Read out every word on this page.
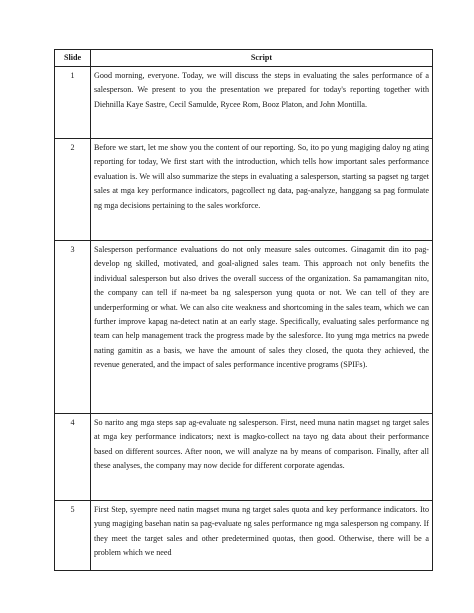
Slide	Script
1	Good morning, everyone. Today, we will discuss the steps in evaluating the sales performance of a salesperson. We present to you the presentation we prepared for today's reporting together with Diehnilla Kaye Sastre, Cecil Samulde, Rycee Rom, Booz Platon, and John Montilla.
2	Before we start, let me show you the content of our reporting. So, ito po yung magiging daloy ng ating reporting for today, We first start with the introduction, which tells how important sales performance evaluation is. We will also summarize the steps in evaluating a salesperson, starting sa pagset ng target sales at mga key performance indicators, pagcollect ng data, pag-analyze, hanggang sa pag formulate ng mga decisions pertaining to the sales workforce.
3	Salesperson performance evaluations do not only measure sales outcomes. Ginagamit din ito pag-develop ng skilled, motivated, and goal-aligned sales team. This approach not only benefits the individual salesperson but also drives the overall success of the organization. Sa pamamangitan nito, the company can tell if na-meet ba ng salesperson yung quota or not. We can tell of they are underperforming or what. We can also cite weakness and shortcoming in the sales team, which we can further improve kapag na-detect natin at an early stage. Specifically, evaluating sales performance ng team can help management track the progress made by the salesforce. Ito yung mga metrics na pwede nating gamitin as a basis, we have the amount of sales they closed, the quota they achieved, the revenue generated, and the impact of sales performance incentive programs (SPIFs).
4	So narito ang mga steps sap ag-evaluate ng salesperson. First, need muna natin magset ng target sales at mga key performance indicators; next is magko-collect na tayo ng data about their performance based on different sources. After noon, we will analyze na by means of comparison. Finally, after all these analyses, the company may now decide for different corporate agendas.
5	First Step, syempre need natin magset muna ng target sales quota and key performance indicators. Ito yung magiging basehan natin sa pag-evaluate ng sales performance ng mga salesperson ng company. If they meet the target sales and other predetermined quotas, then good. Otherwise, there will be a problem which we need
